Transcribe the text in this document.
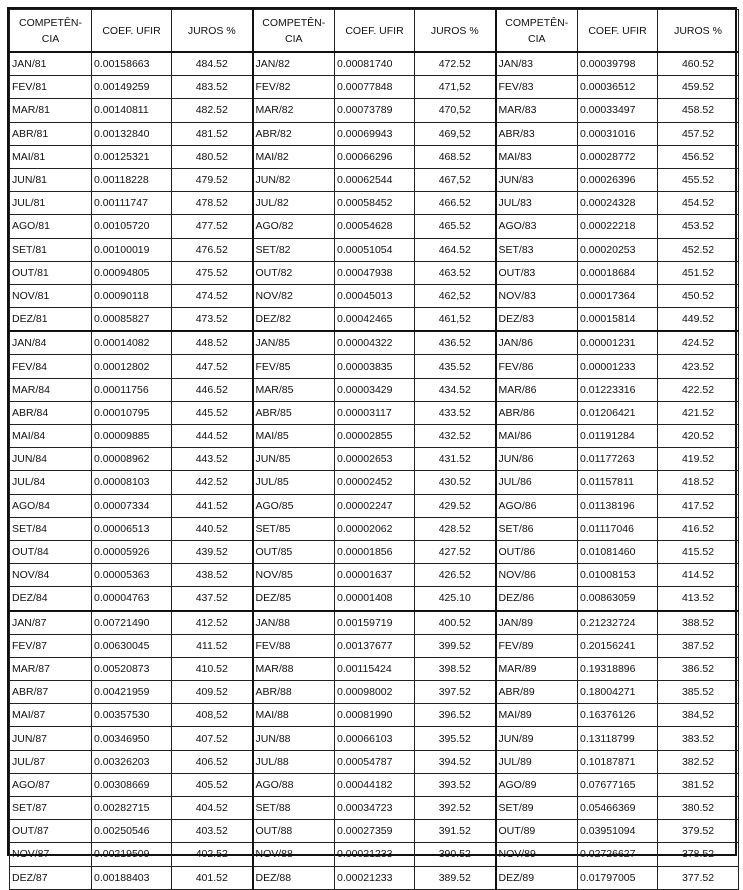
COMPETÊN-
CIA	COEF. UFIR	JUROS %	COMPETÊN-
CIA	COEF. UFIR	JUROS %	COMPETÊN-
CIA	COEF. UFIR	JUROS %
JAN/81	0.00158663	484.52	JAN/82	0.00081740	472.52	JAN/83	0.00039798	460.52
FEV/81	0.00149259	483.52	FEV/82	0.00077848	471,52	FEV/83	0.00036512	459.52
MAR/81	0.00140811	482.52	MAR/82	0.00073789	470,52	MAR/83	0.00033497	458.52
ABR/81	0.00132840	481.52	ABR/82	0.00069943	469,52	ABR/83	0.00031016	457.52
MAI/81	0.00125321	480.52	MAI/82	0.00066296	468.52	MAI/83	0.00028772	456.52
JUN/81	0.00118228	479.52	JUN/82	0.00062544	467,52	JUN/83	0.00026396	455.52
JUL/81	0.00111747	478.52	JUL/82	0.00058452	466.52	JUL/83	0.00024328	454.52
AGO/81	0.00105720	477.52	AGO/82	0.00054628	465.52	AGO/83	0.00022218	453.52
SET/81	0.00100019	476.52	SET/82	0.00051054	464.52	SET/83	0.00020253	452.52
OUT/81	0.00094805	475.52	OUT/82	0.00047938	463.52	OUT/83	0.00018684	451.52
NOV/81	0.00090118	474.52	NOV/82	0.00045013	462,52	NOV/83	0.00017364	450.52
DEZ/81	0.00085827	473.52	DEZ/82	0.00042465	461,52	DEZ/83	0.00015814	449.52
JAN/84	0.00014082	448.52	JAN/85	0.00004322	436.52	JAN/86	0.00001231	424.52
FEV/84	0.00012802	447.52	FEV/85	0.00003835	435.52	FEV/86	0.00001233	423.52
MAR/84	0.00011756	446.52	MAR/85	0.00003429	434.52	MAR/86	0.01223316	422.52
ABR/84	0.00010795	445.52	ABR/85	0.00003117	433.52	ABR/86	0.01206421	421.52
MAI/84	0.00009885	444.52	MAI/85	0.00002855	432.52	MAI/86	0.01191284	420.52
JUN/84	0.00008962	443.52	JUN/85	0.00002653	431.52	JUN/86	0.01177263	419.52
JUL/84	0.00008103	442.52	JUL/85	0.00002452	430.52	JUL/86	0.01157811	418.52
AGO/84	0.00007334	441.52	AGO/85	0.00002247	429.52	AGO/86	0.01138196	417.52
SET/84	0.00006513	440.52	SET/85	0.00002062	428.52	SET/86	0.01117046	416.52
OUT/84	0.00005926	439.52	OUT/85	0.00001856	427.52	OUT/86	0.01081460	415.52
NOV/84	0.00005363	438.52	NOV/85	0.00001637	426.52	NOV/86	0.01008153	414.52
DEZ/84	0.00004763	437.52	DEZ/85	0.00001408	425.10	DEZ/86	0.00863059	413.52
JAN/87	0.00721490	412.52	JAN/88	0.00159719	400.52	JAN/89	0.21232724	388.52
FEV/87	0.00630045	411.52	FEV/88	0.00137677	399.52	FEV/89	0.20156241	387.52
MAR/87	0.00520873	410.52	MAR/88	0.00115424	398.52	MAR/89	0.19318896	386.52
ABR/87	0.00421959	409.52	ABR/88	0.00098002	397.52	ABR/89	0.18004271	385.52
MAI/87	0.00357530	408,52	MAI/88	0.00081990	396.52	MAI/89	0.16376126	384,52
JUN/87	0.00346950	407.52	JUN/88	0.00066103	395.52	JUN/89	0.13118799	383.52
JUL/87	0.00326203	406.52	JUL/88	0.00054787	394.52	JUL/89	0.10187871	382.52
AGO/87	0.00308669	405.52	AGO/88	0.00044182	393.52	AGO/89	0.07677165	381.52
SET/87	0.00282715	404.52	SET/88	0.00034723	392.52	SET/89	0.05466369	380.52
OUT/87	0.00250546	403.52	OUT/88	0.00027359	391.52	OUT/89	0.03951094	379.52
NOV/87	0.00219509	402.52	NOV/88	0.00021233	390.52	NOV/89	0.02726627	378.52
DEZ/87	0.00188403	401.52	DEZ/88	0.00021233	389.52	DEZ/89	0.01797005	377.52
